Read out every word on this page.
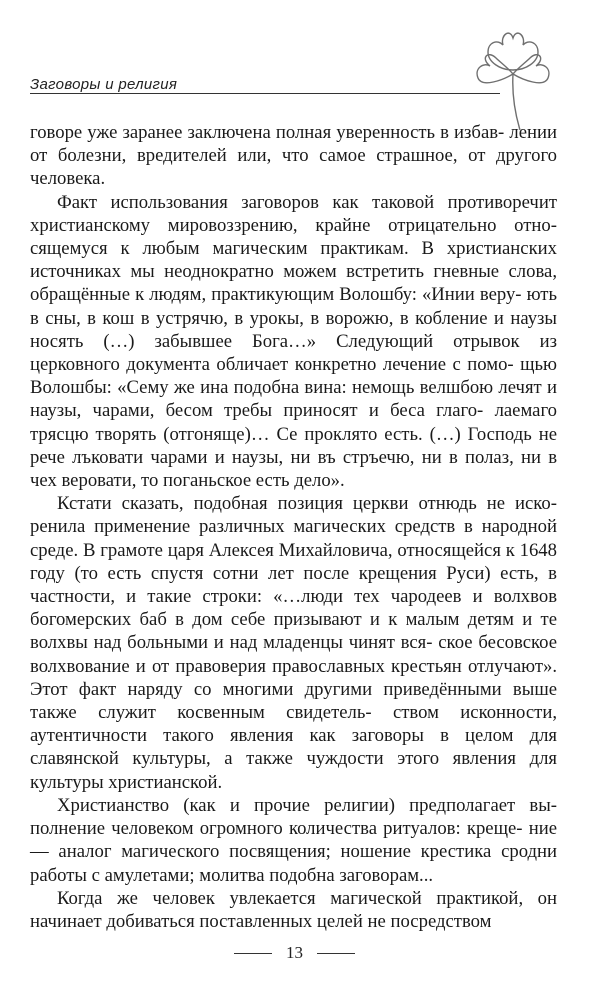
Заговоры и религия

говоре уже заранее заключена полная уверенность в избав- лении от болезни, вредителей или, что самое страшное, от другого человека.

Факт использования заговоров как таковой противоречит христианскому мировоззрению, крайне отрицательно отно- сящемуся к любым магическим практикам. В христианских источниках мы неоднократно можем встретить гневные слова, обращённые к людям, практикующим Волошбу: «Инии веру- ють в сны, в кош в устрячю, в урокы, в ворожю, в кобление и наузы носять (…) забывшее Бога…» Следующий отрывок из церковного документа обличает конкретно лечение с помо- щью Волошбы: «Сему же ина подобна вина: немощь велшбою лечят и наузы, чарами, бесом требы приносят и беса глаго- лаемаго трясцю творять (отгоняще)… Се проклято есть. (…) Господь не рече лъковати чарами и наузы, ни въ стръечю, ни в полаз, ни в чех веровати, то поганьское есть дело».

Кстати сказать, подобная позиция церкви отнюдь не иско- ренила применение различных магических средств в народной среде. В грамоте царя Алексея Михайловича, относящейся к 1648 году (то есть спустя сотни лет после крещения Руси) есть, в частности, и такие строки: «…люди тех чародеев и волхвов богомерских баб в дом себе призывают и к малым детям и те волхвы над больными и над младенцы чинят вся- ское бесовское волхвование и от правоверия православных крестьян отлучают». Этот факт наряду со многими другими приведёнными выше также служит косвенным свидетель- ством исконности, аутентичности такого явления как заговоры в целом для славянской культуры, а также чуждости этого явления для культуры христианской.

Христианство (как и прочие религии) предполагает вы- полнение человеком огромного количества ритуалов: креще- ние — аналог магического посвящения; ношение крестика сродни работы с амулетами; молитва подобна заговорам...

Когда же человек увлекается магической практикой, он начинает добиваться поставленных целей не посредством

13
